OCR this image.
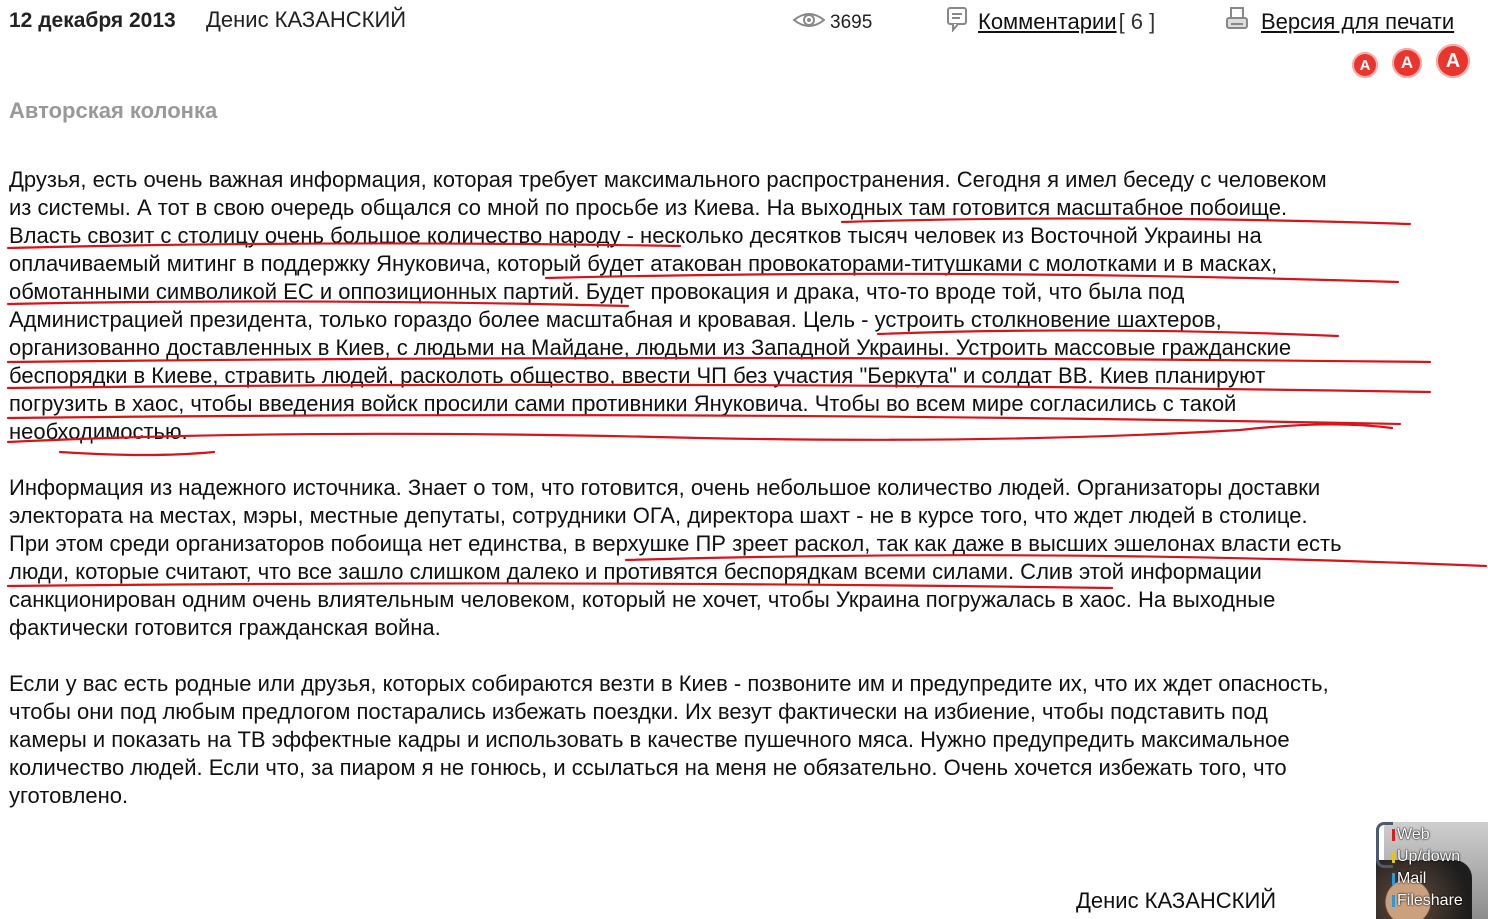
12 декабря 2013 Денис КАЗАНСКИЙ	3695	Комментарии [ 6 ]	Версия для печати
A	A	A
Авторская колонка

Друзья, есть очень важная информация, которая требует максимального распространения. Сегодня я имел беседу с человеком
из системы. А тот в свою очередь общался со мной по просьбе из Киева. На выходных там готовится масштабное побоище.
Власть свозит с столицу очень большое количество народу - несколько десятков тысяч человек из Восточной Украины на
оплачиваемый митинг в поддержку Януковича, который будет атакован провокаторами-титушками с молотками и в масках,
обмотанными символикой ЕС и оппозиционных партий. Будет провокация и драка, что-то вроде той, что была под
Администрацией президента, только гораздо более масштабная и кровавая. Цель - устроить столкновение шахтеров,
организованно доставленных в Киев, с людьми на Майдане, людьми из Западной Украины. Устроить массовые гражданские
беспорядки в Киеве, стравить людей, расколоть общество, ввести ЧП без участия "Беркута" и солдат ВВ. Киев планируют
погрузить в хаос, чтобы введения войск просили сами противники Януковича. Чтобы во всем мире согласились с такой
необходимостью.

Информация из надежного источника. Знает о том, что готовится, очень небольшое количество людей. Организаторы доставки
электората на местах, мэры, местные депутаты, сотрудники ОГА, директора шахт - не в курсе того, что ждет людей в столице.
При этом среди организаторов побоища нет единства, в верхушке ПР зреет раскол, так как даже в высших эшелонах власти есть
люди, которые считают, что все зашло слишком далеко и противятся беспорядкам всеми силами. Слив этой информации
санкционирован одним очень влиятельным человеком, который не хочет, чтобы Украина погружалась в хаос. На выходные
фактически готовится гражданская война.

Если у вас есть родные или друзья, которых собираются везти в Киев - позвоните им и предупредите их, что их ждет опасность,
чтобы они под любым предлогом постарались избежать поездки. Их везут фактически на избиение, чтобы подставить под
камеры и показать на ТВ эффектные кадры и использовать в качестве пушечного мяса. Нужно предупредить максимальное
количество людей. Если что, за пиаром я не гонюсь, и ссылаться на меня не обязательно. Очень хочется избежать того, что
уготовлено.

Денис КАЗАНСКИЙ
Web
Up/down
Mail
Fileshare
